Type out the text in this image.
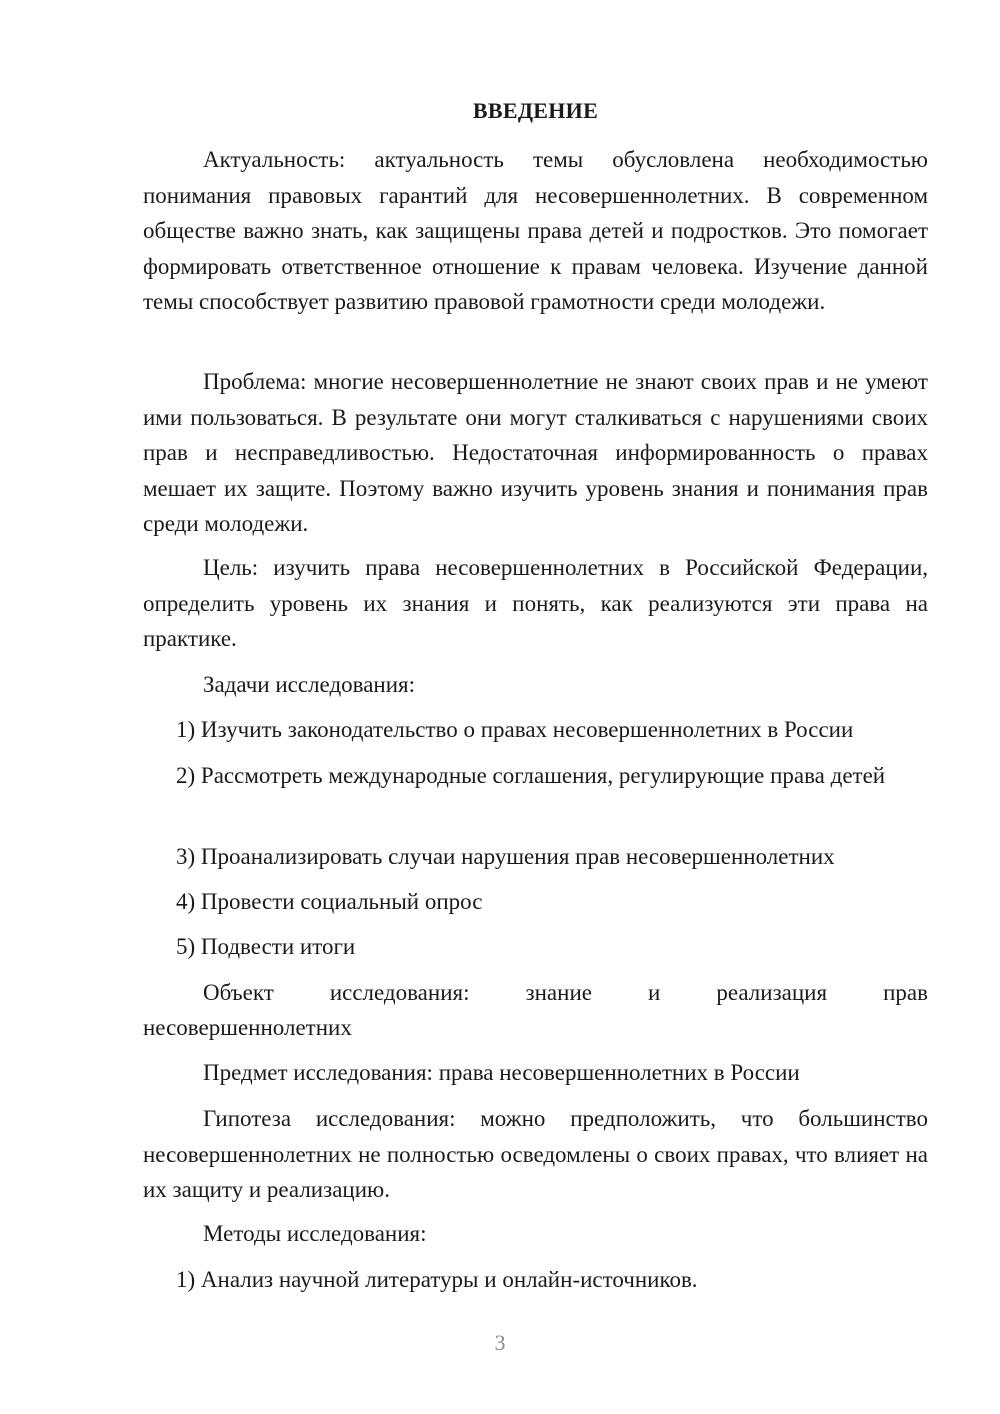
ВВЕДЕНИЕ

Актуальность: актуальность темы обусловлена необходимостью понимания правовых гарантий для несовершеннолетних. В современном обществе важно знать, как защищены права детей и подростков. Это помогает формировать ответственное отношение к правам человека. Изучение данной темы способствует развитию правовой грамотности среди молодежи.

Проблема: многие несовершеннолетние не знают своих прав и не умеют ими пользоваться. В результате они могут сталкиваться с нарушениями своих прав и несправедливостью. Недостаточная информированность о правах мешает их защите. Поэтому важно изучить уровень знания и понимания прав среди молодежи.

Цель: изучить права несовершеннолетних в Российской Федерации, определить уровень их знания и понять, как реализуются эти права на практике.

Задачи исследования:

1) Изучить законодательство о правах несовершеннолетних в России

2) Рассмотреть международные соглашения, регулирующие права детей

3) Проанализировать случаи нарушения прав несовершеннолетних

4) Провести социальный опрос

5) Подвести итоги

Объект исследования: знание и реализация прав

несовершеннолетних

Предмет исследования: права несовершеннолетних в России

Гипотеза исследования: можно предположить, что большинство несовершеннолетних не полностью осведомлены о своих правах, что влияет на их защиту и реализацию.

Методы исследования:

1) Анализ научной литературы и онлайн-источников.

3
